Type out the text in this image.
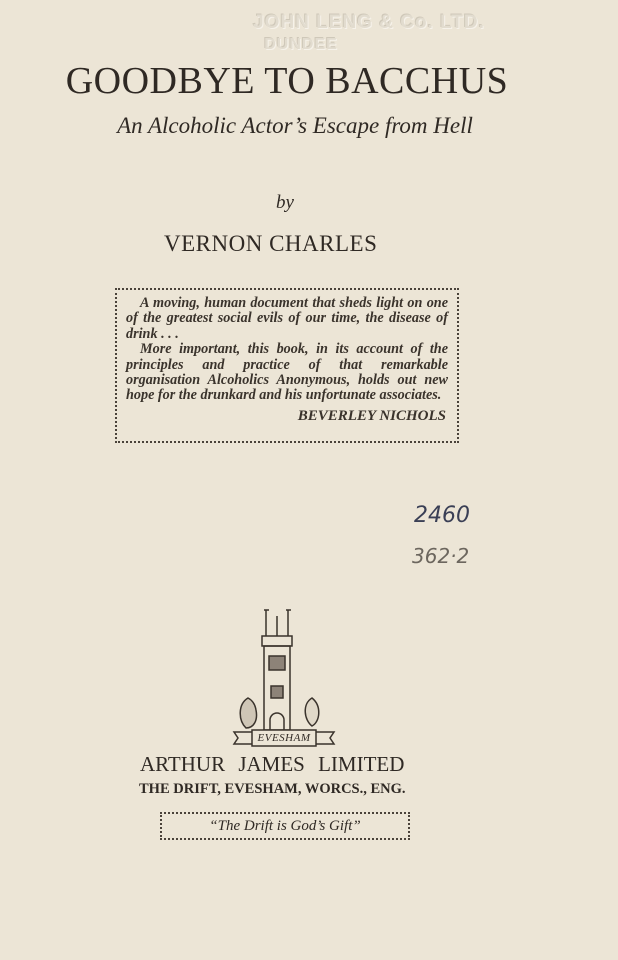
JOHN LENG & Co. LTD.
DUNDEE
GOODBYE TO BACCHUS
An Alcoholic Actor’s Escape from Hell
by
VERNON CHARLES

A moving, human document that sheds light on one of the greatest social evils of our time, the disease of drink . . .

More important, this book, in its account of the principles and practice of that remarkable organisation Alcoholics Anonymous, holds out new hope for the drunkard and his unfortunate associates.

BEVERLEY NICHOLS
2460
362·2
EVESHAM
ARTHUR JAMES LIMITED
THE DRIFT, EVESHAM, WORCS., ENG.
“The Drift is God’s Gift”
